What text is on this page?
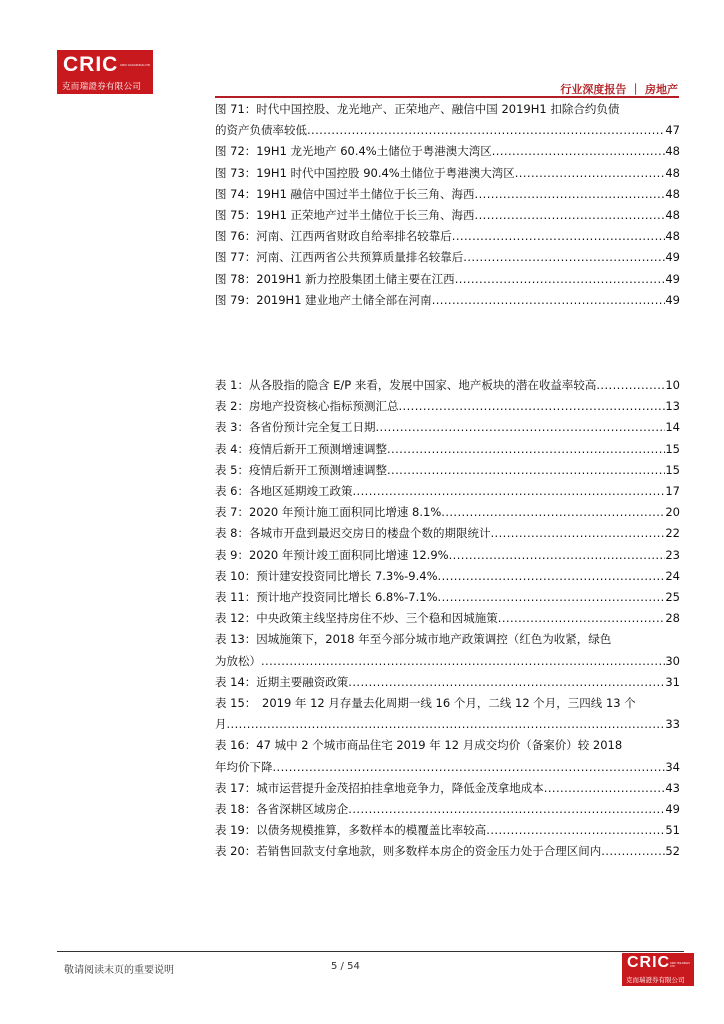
CRIC CRIC HOLDINGS LTD
克而瑞證券有限公司	行业深度报告 ｜ 房地产
图 71：时代中国控股、龙光地产、正荣地产、融信中国 2019H1 扣除合约负债
的资产负债率较低 .....	47
图 72：19H1 龙光地产 60.4%土储位于粤港澳大湾区 .....	48
图 73：19H1 时代中国控股 90.4%土储位于粤港澳大湾区 .....	48
图 74：19H1 融信中国过半土储位于长三角、海西 .....	48
图 75：19H1 正荣地产过半土储位于长三角、海西 .....	48
图 76：河南、江西两省财政自给率排名较靠后 .....	48
图 77：河南、江西两省公共预算质量排名较靠后 .....	49
图 78：2019H1 新力控股集团土储主要在江西 .....	49
图 79：2019H1 建业地产土储全部在河南 .....	49
表 1：从各股指的隐含 E/P 来看，发展中国家、地产板块的潜在收益率较高 .....	10
表 2：房地产投资核心指标预测汇总 .....	13
表 3：各省份预计完全复工日期 .....	14
表 4：疫情后新开工预测增速调整 .....	15
表 5：疫情后新开工预测增速调整 .....	15
表 6：各地区延期竣工政策 .....	17
表 7：2020 年预计施工面积同比增速 8.1% .....	20
表 8：各城市开盘到最迟交房日的楼盘个数的期限统计 .....	22
表 9：2020 年预计竣工面积同比增速 12.9% .....	23
表 10：预计建安投资同比增长 7.3%-9.4% .....	24
表 11：预计地产投资同比增长 6.8%-7.1% .....	25
表 12：中央政策主线坚持房住不炒、三个稳和因城施策 .....	28
表 13：因城施策下，2018 年至今部分城市地产政策调控（红色为收紧，绿色
为放松） .....	30
表 14：近期主要融资政策 .....	31
表 15：　2019 年 12 月存量去化周期一线 16 个月，二线 12 个月，三四线 13 个
月 .....	33
表 16：47 城中 2 个城市商品住宅 2019 年 12 月成交均价（备案价）较 2018
年均价下降 .....	34
表 17：城市运营提升金茂招拍挂拿地竞争力，降低金茂拿地成本 .....	43
表 18：各省深耕区域房企 .....	49
表 19：以债务规模推算，多数样本的模覆盖比率较高 .....	51
表 20：若销售回款支付拿地款，则多数样本房企的资金压力处于合理区间内 .....	52
敬请阅读末页的重要说明	5 / 54	CRIC CRIC HOLDINGS LTD
克而瑞證券有限公司
